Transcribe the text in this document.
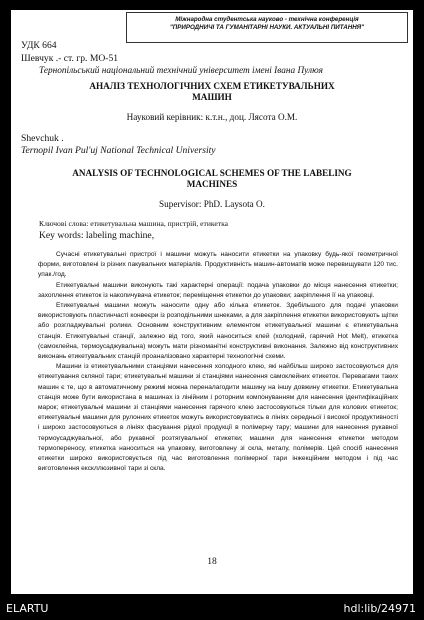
Міжнародна студентська науково - технічна конференція
"ПРИРОДНИЧІ ТА ГУМАНІТАРНІ НАУКИ. АКТУАЛЬНІ ПИТАННЯ"
УДК 664
Шевчук .- ст. гр. МО-51
Тернопільський національний технічний університет імені Івана Пулюя
АНАЛІЗ ТЕХНОЛОГІЧНИХ СХЕМ ЕТИКЕТУВАЛЬНИХ МАШИН
Науковий керівник: к.т.н., доц. Лясота О.М.
Shevchuk .
Ternopil Ivan Pul'uj National Technical University
ANALYSIS OF TECHNOLOGICAL SCHEMES OF THE LABELING MACHINES
Supervisor: PhD. Laysota O.
Ключові слова: етикетувальна машина, пристрій, етикетка
Key words: labeling machine,

Сучасні етикетувальні пристрої і машини можуть наносити етикетки на упаковку будь-якої геометричної форми, виготовлені із різних пакувальних матеріалів. Продуктивність машин-автоматів може перевищувати 120 тис. упак./год.

Етикетувальні машини виконують такі характерні операції: подача упаковки до місця нанесення етикетки; захоплення етикеток із накопичувача етикеток; переміщення етикетки до упаковки; закріплення її на упаковці.

Етикетувальні машини можуть наносити одну або кілька етикеток. Здебільшого для подачі упаковки використовують пластинчасті конвеєри із розподільними шнеками, а для закріплення етикетки використовують щітки або розгладжувальні ролики. Основним конструктивним елементом етикетувальної машини є етикетувальна станція. Етикетувальні станції, залежно від того, який наноситься клей (холодний, гарячий Hot Melt), етикетка (самоклейна, термоусаджувальна) можуть мати різноманітні конструктивні виконання. Залежно від конструктивних виконань етикетувальних станцій проаналізовано характерні технологічні схеми.

Машини із етикетувальними станціями нанесення холодного клею, які найбільш широко застосовуються для етикетування скляної тари; етикетувальні машини зі станціями нанесення самоклейних етикеток. Перевагами таких машин є те, що в автоматичному режимі можна переналагодити машину на іншу довжину етикетки. Етикетувальна станція може бути використана в машинах із лінійним і роторним компонуванням для нанесення ідентифікаційних марок; етикетувальні машини зі станціями нанесення гарячого клею застосовуються тільки для колових етикеток; етикетувальні машини для рулонних етикеток можуть використовуватись в лініях середньої і високої продуктивності і широко застосовуються в лініях фасування рідкої продукції в полімерну тару; машини для нанесення рукавної термоусаджувальної, або рукавної розтягувальної етикетки; машини для нанесення етикетки методом термопереносу, етикетка наноситься на упаковку, виготовлену зі скла, металу, полімерів. Цей спосіб нанесення етикетки широко використовується під час виготовлення полімерної тари інжекційним методом і під час виготовлення екскллюзивної тари зі скла.

18
ELARTU	hdl:lib/24971
